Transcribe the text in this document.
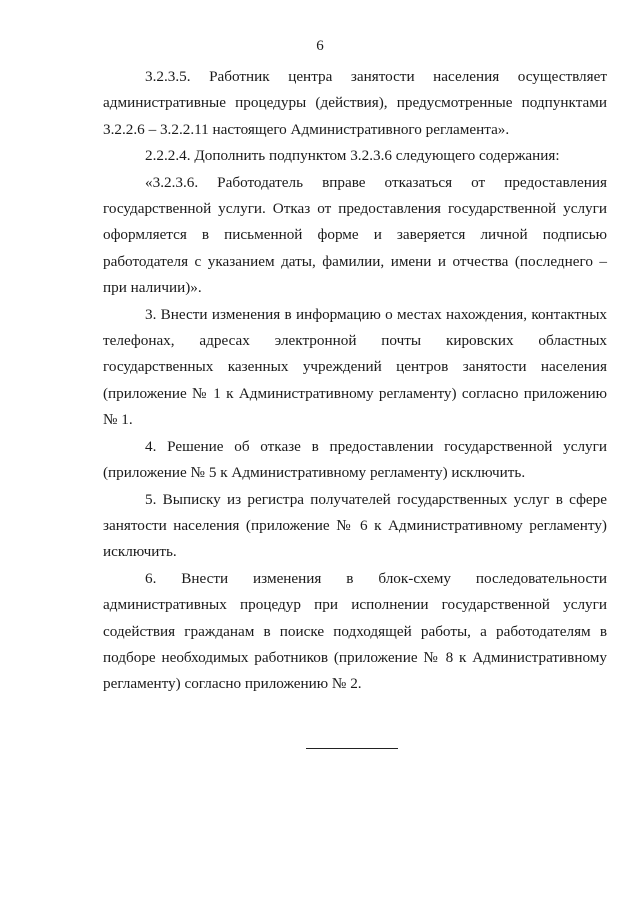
6

3.2.3.5. Работник центра занятости населения осуществляет административные процедуры (действия), предусмотренные подпунктами 3.2.2.6 – 3.2.2.11 настоящего Административного регламента».

2.2.2.4. Дополнить подпунктом 3.2.3.6 следующего содержания:

«3.2.3.6. Работодатель вправе отказаться от предоставления государственной услуги. Отказ от предоставления государственной услуги оформляется в письменной форме и заверяется личной подписью работодателя с указанием даты, фамилии, имени и отчества (последнего – при наличии)».

3. Внести изменения в информацию о местах нахождения, контактных телефонах, адресах электронной почты кировских областных государственных казенных учреждений центров занятости населения (приложение № 1 к Административному регламенту) согласно приложению № 1.

4. Решение об отказе в предоставлении государственной услуги (приложение № 5 к Административному регламенту) исключить.

5. Выписку из регистра получателей государственных услуг в сфере занятости населения (приложение № 6 к Административному регламенту) исключить.

6. Внести изменения в блок-схему последовательности административных процедур при исполнении государственной услуги содействия гражданам в поиске подходящей работы, а работодателям в подборе необходимых работников (приложение № 8 к Административному регламенту) согласно приложению № 2.
